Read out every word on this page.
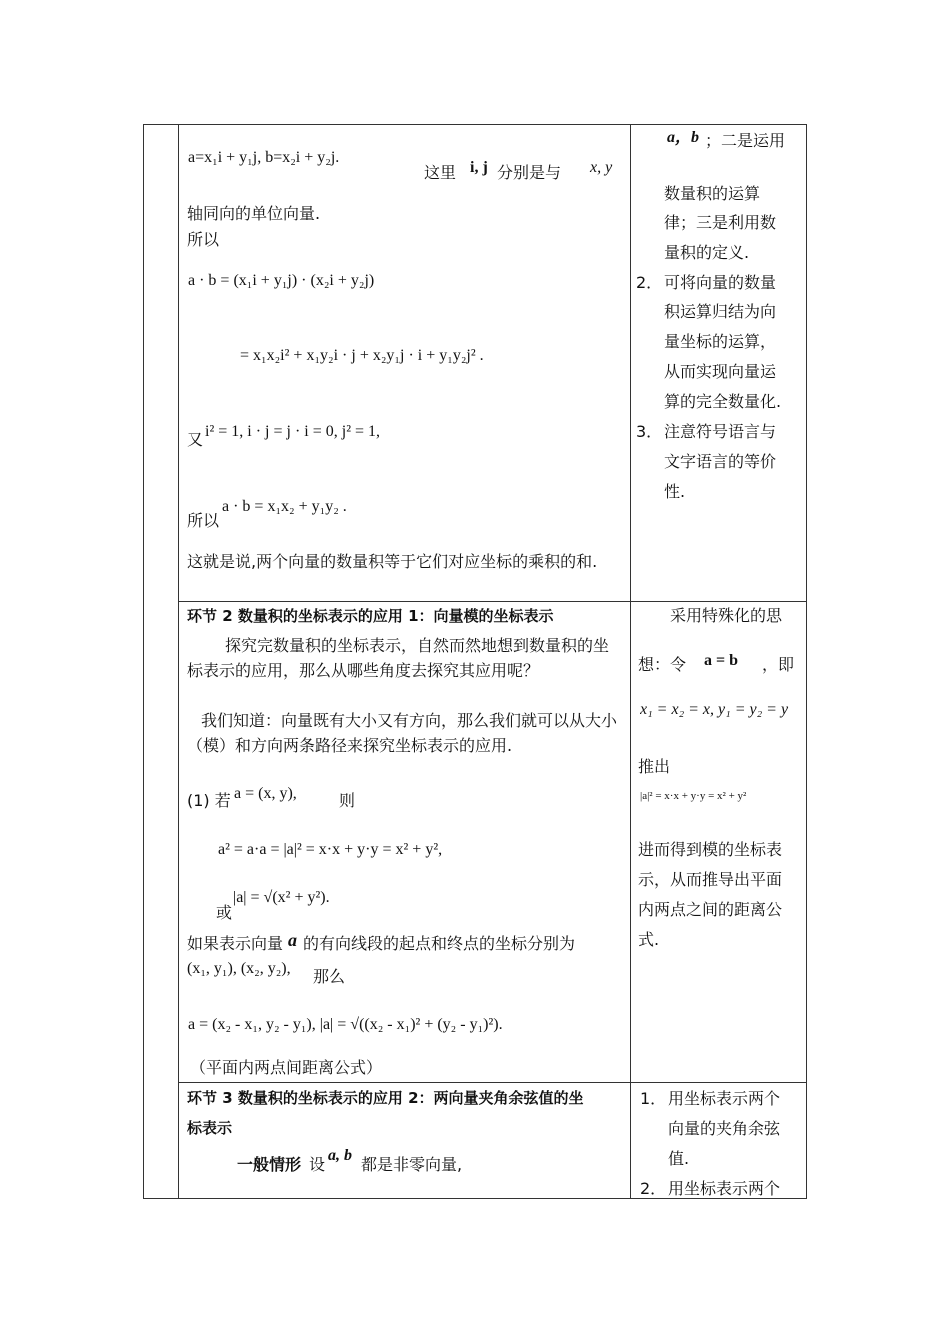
a=x₁i + y₁j, b=x₂i + y₂j.
这里 i, j 分别是与 x, y
轴同向的单位向量.
所以
a · b = (x₁i + y₁j) · (x₂i + y₂j)
= x₁x₂i² + x₁y₂i · j + x₂y₁j · i + y₁y₂j² .
又 i² = 1, i · j = j · i = 0, j² = 1,
所以
a · b = x₁x₂ + y₁y₂ .
这就是说,两个向量的数量积等于它们对应坐标的乘积的和.
a，b ；二是运用
数量积的运算
律；三是利用数
量积的定义.
2． 可将向量的数量
积运算归结为向
量坐标的运算，
从而实现向量运
算的完全数量化.
3． 注意符号语言与
文字语言的等价
性.
环节 2 数量积的坐标表示的应用 1：向量模的坐标表示
探究完数量积的坐标表示，自然而然地想到数量积的坐标表示的应用，那么从哪些角度去探究其应用呢？
我们知道：向量既有大小又有方向，那么我们就可以从大小（模）和方向两条路径来探究坐标表示的应用.
(1) 若 a = (x, y),	则
a² = a·a = |a|² = x·x + y·y = x² + y²,
或
|a| = √(x² + y²).
如果表示向量 a 的有向线段的起点和终点的坐标分别为
(x₁, y₁), (x₂, y₂), 那么
a = (x₂ - x₁, y₂ - y₁), |a| = √((x₂ - x₁)² + (y₂ - y₁)²).
（平面内两点间距离公式）
采用特殊化的思
想：令 a = b ，即
x₁ = x₂ = x, y₁ = y₂ = y
推出
|a|² = x·x + y·y = x² + y²
进而得到模的坐标表
示，从而推导出平面
内两点之间的距离公
式.
环节 3 数量积的坐标表示的应用 2：两向量夹角余弦值的坐
标表示
一般情形 设 a, b 都是非零向量,
1． 用坐标表示两个
向量的夹角余弦
值.
2． 用坐标表示两个
